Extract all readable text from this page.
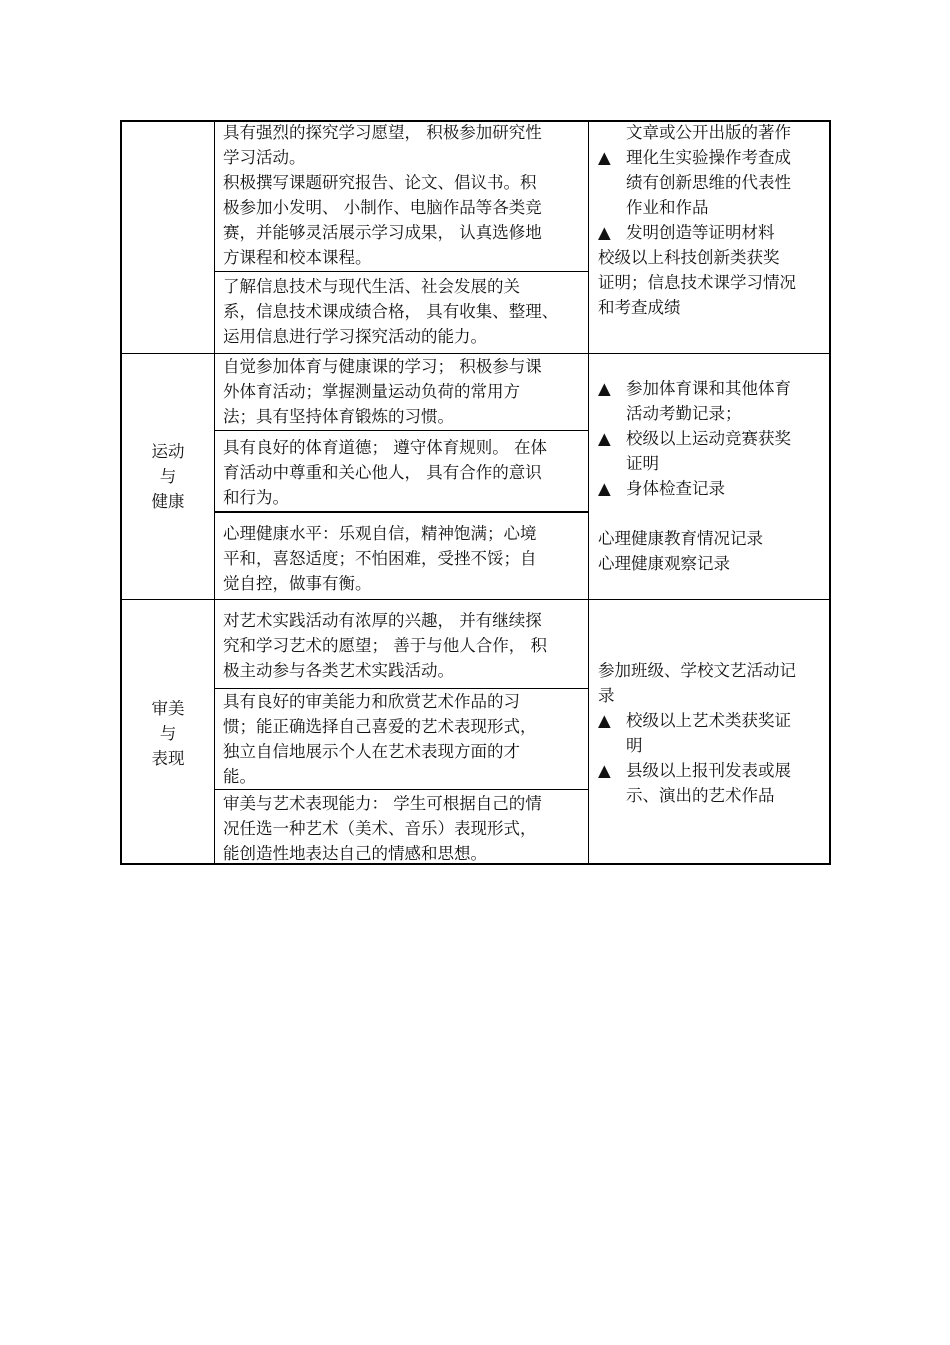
具有强烈的探究学习愿望， 积极参加研究性
学习活动。
积极撰写课题研究报告、论文、倡议书。积
极参加小发明、 小制作、电脑作品等各类竞
赛，并能够灵活展示学习成果， 认真选修地
方课程和校本课程。
了解信息技术与现代生活、社会发展的关
系，信息技术课成绩合格， 具有收集、整理、
运用信息进行学习探究活动的能力。
文章或公开出版的著作
▲ 理化生实验操作考查成
绩有创新思维的代表性
作业和作品
▲ 发明创造等证明材料
校级以上科技创新类获奖
证明；信息技术课学习情况
和考查成绩
运动
与
健康
自觉参加体育与健康课的学习； 积极参与课
外体育活动；掌握测量运动负荷的常用方
法；具有坚持体育锻炼的习惯。
具有良好的体育道德； 遵守体育规则。 在体
育活动中尊重和关心他人， 具有合作的意识
和行为。
心理健康水平：乐观自信，精神饱满；心境
平和，喜怒适度；不怕困难，受挫不馁；自
觉自控，做事有衡。
▲ 参加体育课和其他体育
活动考勤记录；
▲ 校级以上运动竞赛获奖
证明
▲ 身体检查记录
心理健康教育情况记录
心理健康观察记录
审美
与
表现
对艺术实践活动有浓厚的兴趣， 并有继续探
究和学习艺术的愿望； 善于与他人合作， 积
极主动参与各类艺术实践活动。
具有良好的审美能力和欣赏艺术作品的习
惯；能正确选择自己喜爱的艺术表现形式，
独立自信地展示个人在艺术表现方面的才
能。
审美与艺术表现能力： 学生可根据自己的情
况任选一种艺术（美术、音乐）表现形式，
能创造性地表达自己的情感和思想。
参加班级、学校文艺活动记
录
▲ 校级以上艺术类获奖证
明
▲ 县级以上报刊发表或展
示、演出的艺术作品
